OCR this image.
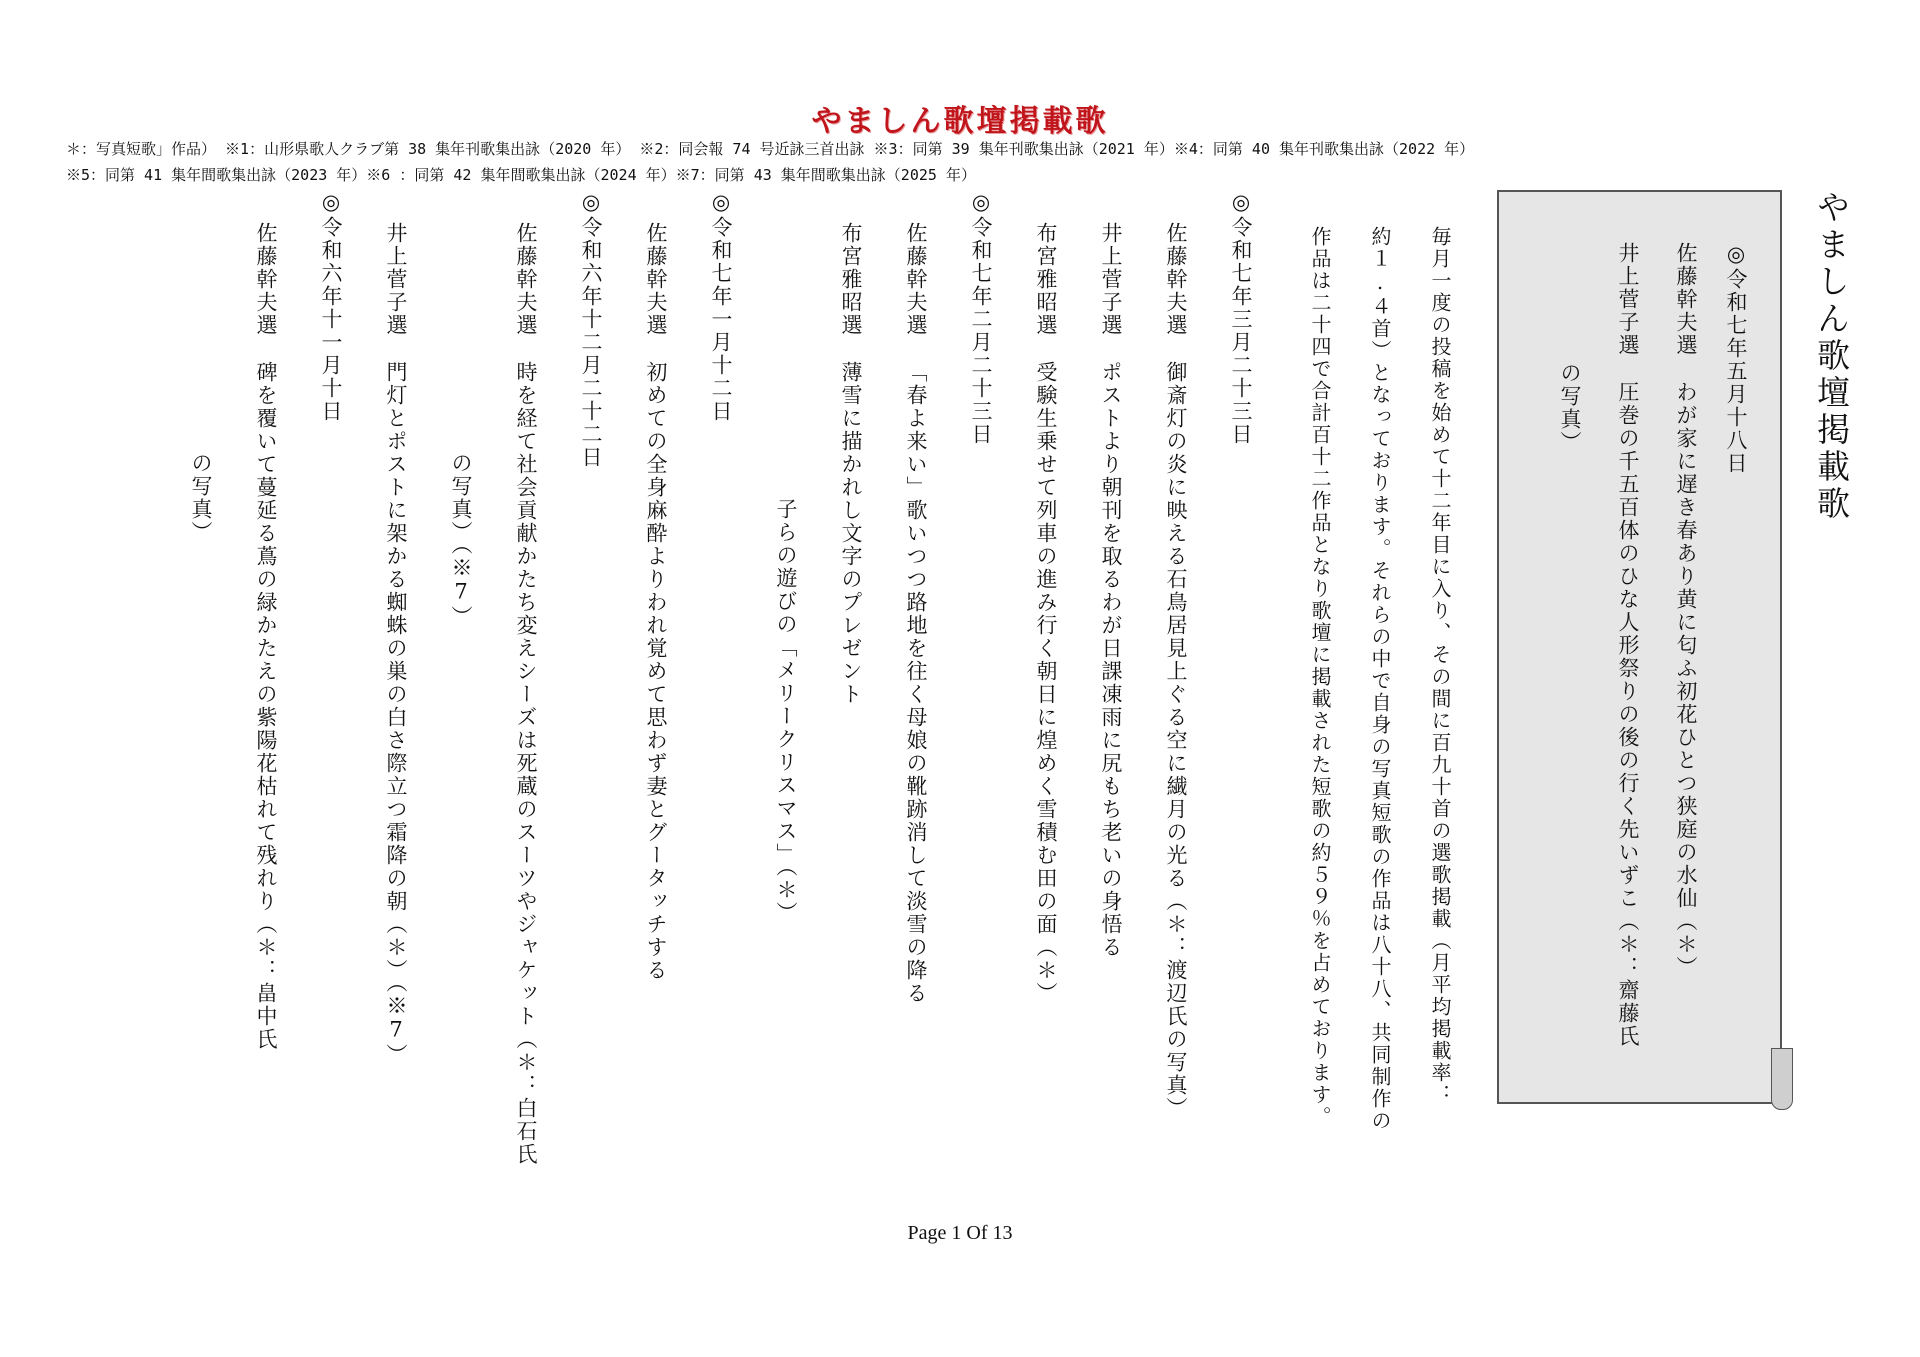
やましん歌壇掲載歌
＊：写真短歌」作品） ※1：山形県歌人クラブ第 38 集年刊歌集出詠（2020 年） ※2：同会報 74 号近詠三首出詠 ※3：同第 39 集年刊歌集出詠（2021 年）※4：同第 40 集年刊歌集出詠（2022 年）
※5：同第 41 集年間歌集出詠（2023 年）※6 ：同第 42 集年間歌集出詠（2024 年）※7：同第 43 集年間歌集出詠（2025 年）
やましん歌壇掲載歌
◎令和七年五月十八日
佐藤幹夫選わが家に遅き春あり黄に匂ふ初花ひとつ狭庭の水仙（＊）
井上菅子選圧巻の千五百体のひな人形祭りの後の行く先いずこ（＊：齋藤氏
の写真）
毎月一度の投稿を始めて十二年目に入り、その間に百九十首の選歌掲載（月平均掲載率：
約１.４首）となっております。それらの中で自身の写真短歌の作品は八十八、共同制作の
作品は二十四で合計百十二作品となり歌壇に掲載された短歌の約５９％を占めております。
◎令和七年三月二十三日
佐藤幹夫選御斎灯の炎に映える石鳥居見上ぐる空に繊月の光る（＊：渡辺氏の写真）
井上菅子選ポストより朝刊を取るわが日課凍雨に尻もち老いの身悟る
布宮雅昭選受験生乗せて列車の進み行く朝日に煌めく雪積む田の面（＊）
◎令和七年二月二十三日
佐藤幹夫選「春よ来い」歌いつつ路地を往く母娘の靴跡消して淡雪の降る
布宮雅昭選薄雪に描かれし文字のプレゼント
　　　　　　　　　　　　子らの遊びの「メリークリスマス」（＊）
◎令和七年一月十二日
佐藤幹夫選初めての全身麻酔よりわれ覚めて思わず妻とグータッチする
◎令和六年十二月二十二日
佐藤幹夫選時を経て社会貢献かたち変えシーズは死蔵のスーツやジャケット（＊：白石氏
　　　　　　　　　　の写真）（※7）
井上菅子選門灯とポストに架かる蜘蛛の巣の白さ際立つ霜降の朝（＊）（※7）
◎令和六年十一月十日
佐藤幹夫選碑を覆いて蔓延る蔦の緑かたえの紫陽花枯れて残れり（＊：畠中氏
　　　　　　　　　　の写真）
Page 1 Of 13
